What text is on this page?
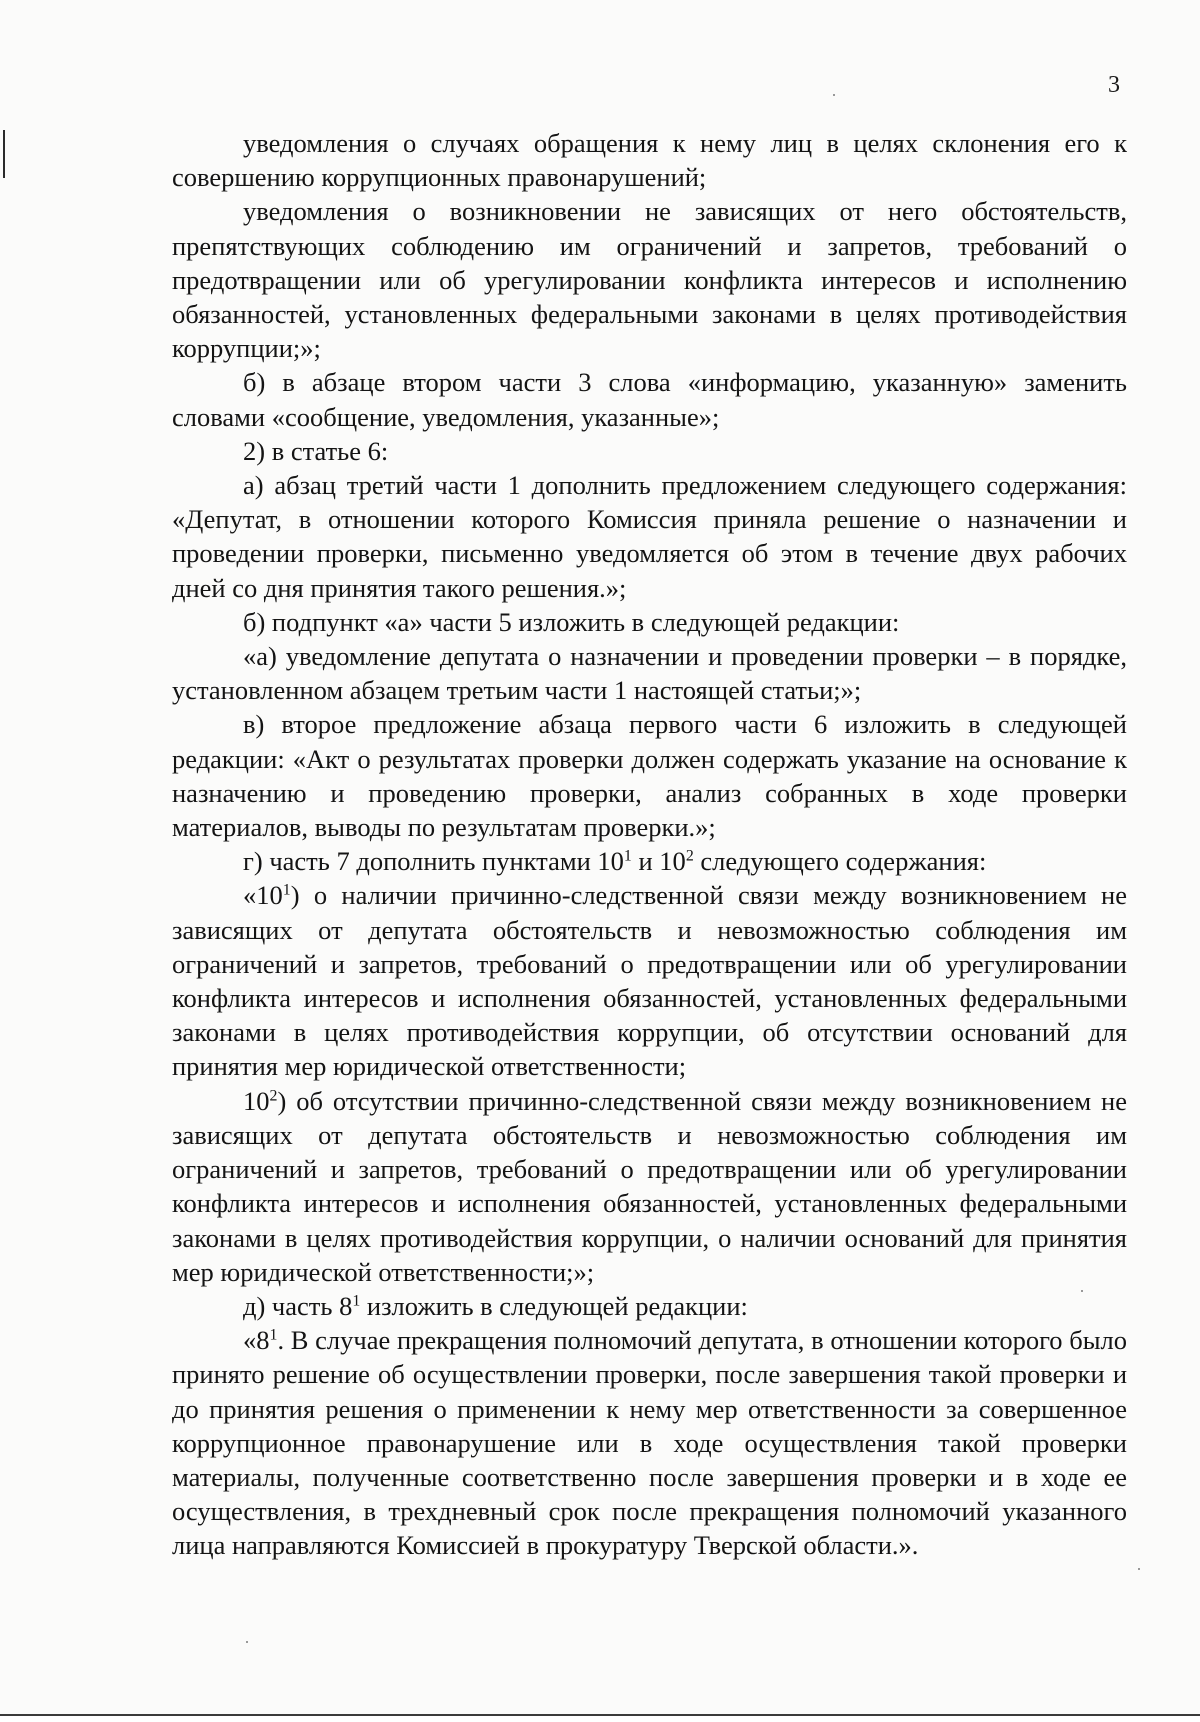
3

уведомления о случаях обращения к нему лиц в целях склонения его к совершению коррупционных правонарушений;

уведомления о возникновении не зависящих от него обстоятельств, препятствующих соблюдению им ограничений и запретов, требований о предотвращении или об урегулировании конфликта интересов и исполнению обязанностей, установленных федеральными законами в целях противодействия коррупции;»;

б) в абзаце втором части 3 слова «информацию, указанную» заменить словами «сообщение, уведомления, указанные»;

2) в статье 6:

а) абзац третий части 1 дополнить предложением следующего содержания: «Депутат, в отношении которого Комиссия приняла решение о назначении и проведении проверки, письменно уведомляется об этом в течение двух рабочих дней со дня принятия такого решения.»;

б) подпункт «а» части 5 изложить в следующей редакции:

«а) уведомление депутата о назначении и проведении проверки – в порядке, установленном абзацем третьим части 1 настоящей статьи;»;

в) второе предложение абзаца первого части 6 изложить в следующей редакции: «Акт о результатах проверки должен содержать указание на основание к назначению и проведению проверки, анализ собранных в ходе проверки материалов, выводы по результатам проверки.»;

г) часть 7 дополнить пунктами $10^1$ и $10^2$ следующего содержания:

«$10^1$) о наличии причинно-следственной связи между возникновением не зависящих от депутата обстоятельств и невозможностью соблюдения им ограничений и запретов, требований о предотвращении или об урегулировании конфликта интересов и исполнения обязанностей, установленных федеральными законами в целях противодействия коррупции, об отсутствии оснований для принятия мер юридической ответственности;

$10^2$) об отсутствии причинно-следственной связи между возникновением не зависящих от депутата обстоятельств и невозможностью соблюдения им ограничений и запретов, требований о предотвращении или об урегулировании конфликта интересов и исполнения обязанностей, установленных федеральными законами в целях противодействия коррупции, о наличии оснований для принятия мер юридической ответственности;»;

д) часть $8^1$ изложить в следующей редакции:

«$8^1$. В случае прекращения полномочий депутата, в отношении которого было принято решение об осуществлении проверки, после завершения такой проверки и до принятия решения о применении к нему мер ответственности за совершенное коррупционное правонарушение или в ходе осуществления такой проверки материалы, полученные соответственно после завершения проверки и в ходе ее осуществления, в трехдневный срок после прекращения полномочий указанного лица направляются Комиссией в прокуратуру Тверской области.».
